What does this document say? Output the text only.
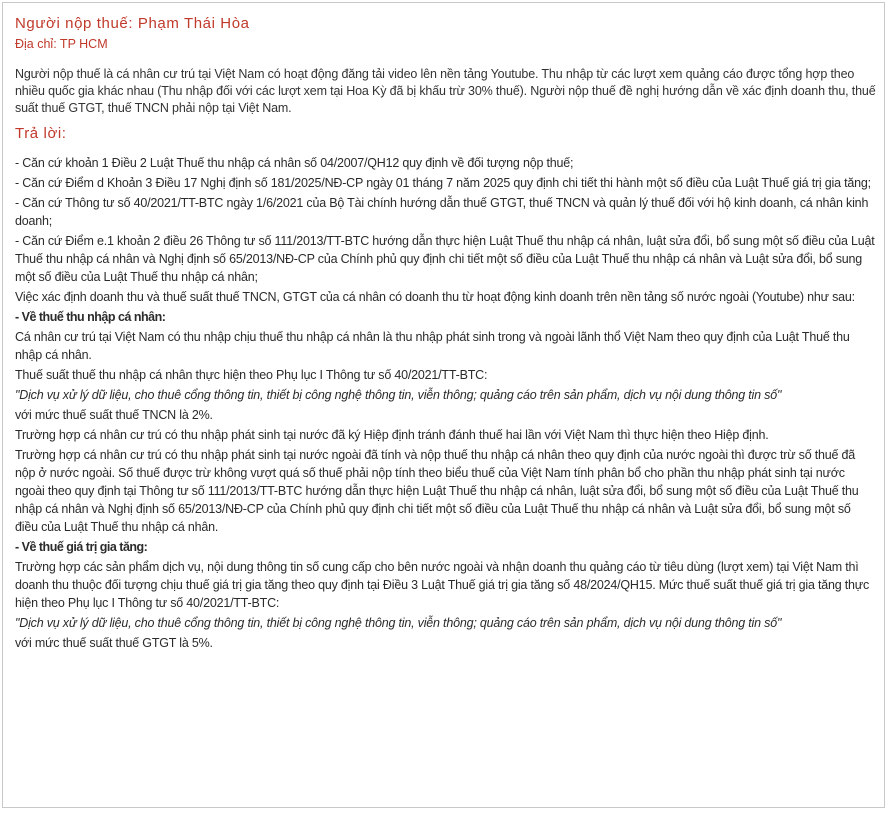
Người nộp thuế: Phạm Thái Hòa
Địa chỉ: TP HCM

Người nộp thuế là cá nhân cư trú tại Việt Nam có hoạt động đăng tải video lên nền tảng Youtube. Thu nhập từ các lượt xem quảng cáo được tổng hợp theo nhiều quốc gia khác nhau (Thu nhập đối với các lượt xem tại Hoa Kỳ đã bị khấu trừ 30% thuế). Người nộp thuế đề nghị hướng dẫn về xác định doanh thu, thuế suất thuế GTGT, thuế TNCN phải nộp tại Việt Nam.

Trả lời:

- Căn cứ khoản 1 Điều 2 Luật Thuế thu nhập cá nhân số 04/2007/QH12 quy định về đối tượng nộp thuế;

- Căn cứ Điểm d Khoản 3 Điều 17 Nghị định số 181/2025/NĐ-CP ngày 01 tháng 7 năm 2025 quy định chi tiết thi hành một số điều của Luật Thuế giá trị gia tăng;

- Căn cứ Thông tư số 40/2021/TT-BTC ngày 1/6/2021 của Bộ Tài chính hướng dẫn thuế GTGT, thuế TNCN và quản lý thuế đối với hộ kinh doanh, cá nhân kinh doanh;

- Căn cứ Điểm e.1 khoản 2 điều 26 Thông tư số 111/2013/TT-BTC hướng dẫn thực hiện Luật Thuế thu nhập cá nhân, luật sửa đổi, bổ sung một số điều của Luật Thuế thu nhập cá nhân và Nghị định số 65/2013/NĐ-CP của Chính phủ quy định chi tiết một số điều của Luật Thuế thu nhập cá nhân và Luật sửa đổi, bổ sung một số điều của Luật Thuế thu nhập cá nhân;

Việc xác định doanh thu và thuế suất thuế TNCN, GTGT của cá nhân có doanh thu từ hoạt động kinh doanh trên nền tảng số nước ngoài (Youtube) như sau:

- Về thuế thu nhập cá nhân:

Cá nhân cư trú tại Việt Nam có thu nhập chịu thuế thu nhập cá nhân là thu nhập phát sinh trong và ngoài lãnh thổ Việt Nam theo quy định của Luật Thuế thu nhập cá nhân.

Thuế suất thuế thu nhập cá nhân thực hiện theo Phụ lục I Thông tư số 40/2021/TT-BTC:

"Dịch vụ xử lý dữ liệu, cho thuê cổng thông tin, thiết bị công nghệ thông tin, viễn thông; quảng cáo trên sản phẩm, dịch vụ nội dung thông tin số"

với mức thuế suất thuế TNCN là 2%.

Trường hợp cá nhân cư trú có thu nhập phát sinh tại nước đã ký Hiệp định tránh đánh thuế hai lần với Việt Nam thì thực hiện theo Hiệp định.

Trường hợp cá nhân cư trú có thu nhập phát sinh tại nước ngoài đã tính và nộp thuế thu nhập cá nhân theo quy định của nước ngoài thì được trừ số thuế đã nộp ở nước ngoài. Số thuế được trừ không vượt quá số thuế phải nộp tính theo biểu thuế của Việt Nam tính phân bổ cho phần thu nhập phát sinh tại nước ngoài theo quy định tại Thông tư số 111/2013/TT-BTC hướng dẫn thực hiện Luật Thuế thu nhập cá nhân, luật sửa đổi, bổ sung một số điều của Luật Thuế thu nhập cá nhân và Nghị định số 65/2013/NĐ-CP của Chính phủ quy định chi tiết một số điều của Luật Thuế thu nhập cá nhân và Luật sửa đổi, bổ sung một số điều của Luật Thuế thu nhập cá nhân.

- Về thuế giá trị gia tăng:

Trường hợp các sản phẩm dịch vụ, nội dung thông tin số cung cấp cho bên nước ngoài và nhận doanh thu quảng cáo từ tiêu dùng (lượt xem) tại Việt Nam thì doanh thu thuộc đối tượng chịu thuế giá trị gia tăng theo quy định tại Điều 3 Luật Thuế giá trị gia tăng số 48/2024/QH15. Mức thuế suất thuế giá trị gia tăng thực hiện theo Phụ lục I Thông tư số 40/2021/TT-BTC:

"Dịch vụ xử lý dữ liệu, cho thuê cổng thông tin, thiết bị công nghệ thông tin, viễn thông; quảng cáo trên sản phẩm, dịch vụ nội dung thông tin số"

với mức thuế suất thuế GTGT là 5%.
